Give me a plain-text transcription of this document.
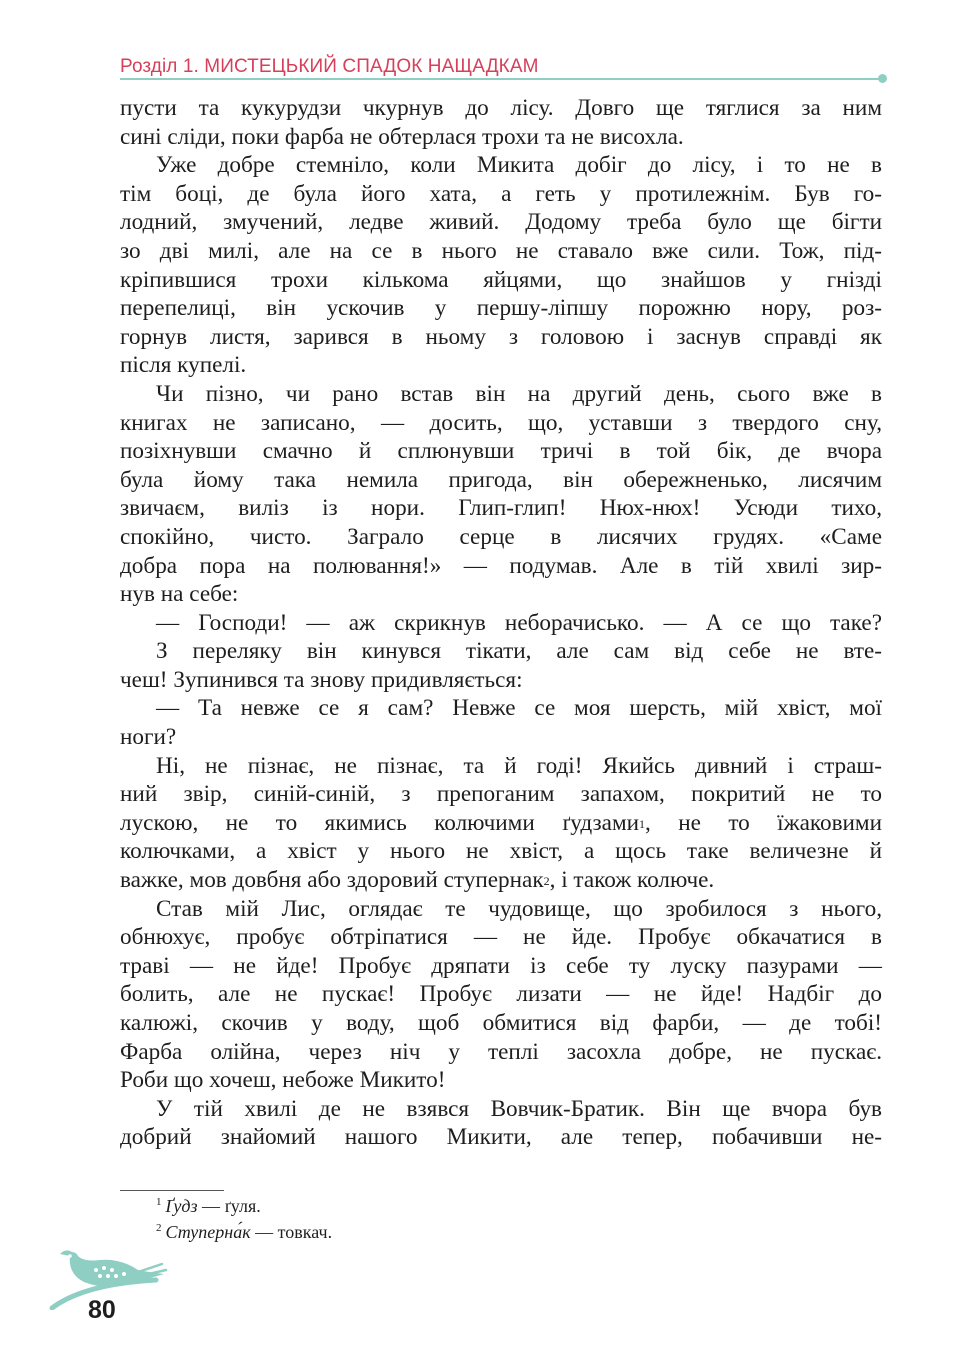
Розділ 1. МИСТЕЦЬКИЙ СПАДОК НАЩАДКАМ
пусти та кукурудзи чкурнув до лісу. Довго ще тяглися за ним
сині сліди, поки фарба не обтерлася трохи та не висохла.
Уже добре стемніло, коли Микита добіг до лісу, і то не в
тім боці, де була його хата, а геть у протилежнім. Був го-
лодний, змучений, ледве живий. Додому треба було ще бігти
зо дві милі, але на се в нього не ставало вже сили. Тож, під-
кріпившися трохи кількома яйцями, що знайшов у гнізді
перепелиці, він ускочив у першу-ліпшу порожню нору, роз-
горнув листя, зарився в ньому з головою і заснув справді як
після купелі.
Чи пізно, чи рано встав він на другий день, сього вже в
книгах не записано, — досить, що, уставши з твердого сну,
позіхнувши смачно й сплюнувши тричі в той бік, де вчора
була йому така немила пригода, він обережненько, лисячим
звичаєм, виліз із нори. Глип-глип! Нюх-нюх! Усюди тихо,
спокійно, чисто. Заграло серце в лисячих грудях. «Саме
добра пора на полювання!» — подумав. Але в тій хвилі зир-
нув на себе:
— Господи! — аж скрикнув неборачисько. — А се що таке?
З переляку він кинувся тікати, але сам від себе не вте-
чеш! Зупинився та знову придивляється:
— Та невже се я сам? Невже се моя шерсть, мій хвіст, мої
ноги?
Ні, не пізнає, не пізнає, та й годі! Якийсь дивний і страш-
ний звір, синій-синій, з препоганим запахом, покритий не то
лускою, не то якимись колючими ґудзами$^1$, не то їжаковими
колючками, а хвіст у нього не хвіст, а щось таке величезне й
важке, мов довбня або здоровий ступернак$^2$, і також колюче.
Став мій Лис, оглядає те чудовище, що зробилося з нього,
обнюхує, пробує обтріпатися — не йде. Пробує обкачатися в
траві — не йде! Пробує дряпати із себе ту луску пазурами —
болить, але не пускає! Пробує лизати — не йде! Надбіг до
калюжі, скочив у воду, щоб обмитися від фарби, — де тобі!
Фарба олійна, через ніч у теплі засохла добре, не пускає.
Роби що хочеш, небоже Микито!
У тій хвилі де не взявся Вовчик-Братик. Він ще вчора був
добрий знайомий нашого Микити, але тепер, побачивши не-
$^1$ Ґудз — ґуля.
$^2$ Ступерна́к — товкач.
80
